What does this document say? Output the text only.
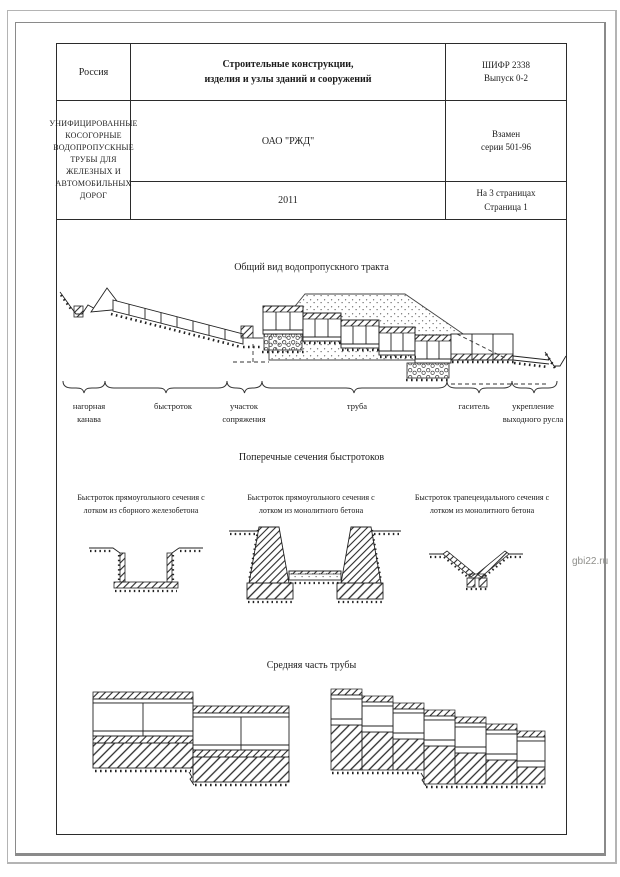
Россия
Строительные конструкции,
изделия и узлы зданий и сооружений
ШИФР 2338
Выпуск 0-2
ОАО "РЖД"
УНИФИЦИРОВАННЫЕ КОСОГОРНЫЕ ВОДОПРОПУСКНЫЕ ТРУБЫ ДЛЯ
ЖЕЛЕЗНЫХ И АВТОМОБИЛЬНЫХ ДОРОГ
Взамен
серии 501-96
2011
На 3 страницах
Страница 1
Общий вид водопропускного тракта
нагорная канава
быстроток	участок сопряжения
труба	гаситель	укрепление выходного русла
Поперечные сечения быстротоков
Быстроток прямоугольного сечения с лотком из сборного железобетона
Быстроток прямоугольного сечения с лотком из монолитного бетона
Быстроток трапецеидального сечения с лотком из монолитного бетона
Средняя часть трубы
gbi22.ru
